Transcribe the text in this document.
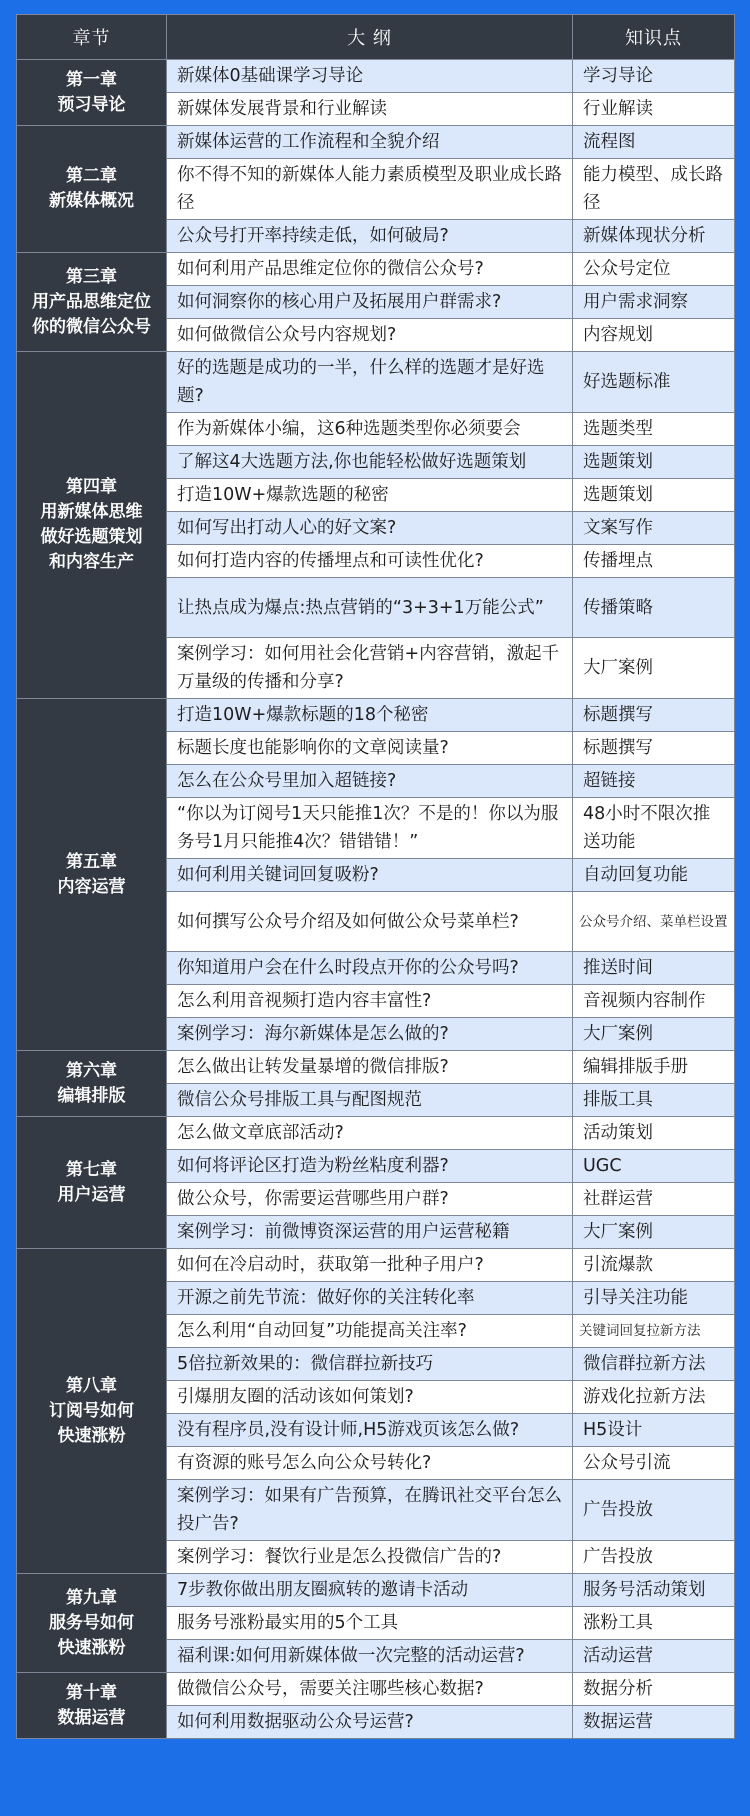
章节	大 纲	知识点

第一章
预习导论	新媒体0基础课学习导论	学习导论
	新媒体发展背景和行业解读	行业解读

第二章
新媒体概况	新媒体运营的工作流程和全貌介绍	流程图
	你不得不知的新媒体人能力素质模型及职业成长路径	能力模型、成长路径
	公众号打开率持续走低，如何破局?	新媒体现状分析

第三章
用产品思维定位
你的微信公众号	如何利用产品思维定位你的微信公众号?	公众号定位
	如何洞察你的核心用户及拓展用户群需求?	用户需求洞察
	如何做微信公众号内容规划?	内容规划

第四章
用新媒体思维
做好选题策划
和内容生产	好的选题是成功的一半，什么样的选题才是好选题?	好选题标准
	作为新媒体小编，这6种选题类型你必须要会	选题类型
	了解这4大选题方法,你也能轻松做好选题策划	选题策划
	打造10W+爆款选题的秘密	选题策划
	如何写出打动人心的好文案?	文案写作
	如何打造内容的传播埋点和可读性优化?	传播埋点
	让热点成为爆点:热点营销的“3+3+1万能公式”	传播策略
	案例学习：如何用社会化营销+内容营销，激起千万量级的传播和分享?	大厂案例

第五章
内容运营	打造10W+爆款标题的18个秘密	标题撰写
	标题长度也能影响你的文章阅读量?	标题撰写
	怎么在公众号里加入超链接?	超链接
	“你以为订阅号1天只能推1次？不是的！你以为服务号1月只能推4次？错错错！”	48小时不限次推送功能
	如何利用关键词回复吸粉?	自动回复功能
	如何撰写公众号介绍及如何做公众号菜单栏?	公众号介绍、菜单栏设置
	你知道用户会在什么时段点开你的公众号吗?	推送时间
	怎么利用音视频打造内容丰富性?	音视频内容制作
	案例学习：海尔新媒体是怎么做的?	大厂案例

第六章
编辑排版	怎么做出让转发量暴增的微信排版?	编辑排版手册
	微信公众号排版工具与配图规范	排版工具

第七章
用户运营	怎么做文章底部活动?	活动策划
	如何将评论区打造为粉丝粘度利器?	UGC
	做公众号，你需要运营哪些用户群?	社群运营
	案例学习：前微博资深运营的用户运营秘籍	大厂案例

第八章
订阅号如何
快速涨粉	如何在冷启动时，获取第一批种子用户?	引流爆款
	开源之前先节流：做好你的关注转化率	引导关注功能
	怎么利用“自动回复”功能提高关注率?	关键词回复拉新方法
	5倍拉新效果的：微信群拉新技巧	微信群拉新方法
	引爆朋友圈的活动该如何策划?	游戏化拉新方法
	没有程序员,没有设计师,H5游戏页该怎么做?	H5设计
	有资源的账号怎么向公众号转化?	公众号引流
	案例学习：如果有广告预算，在腾讯社交平台怎么投广告?	广告投放
	案例学习：餐饮行业是怎么投微信广告的?	广告投放

第九章
服务号如何
快速涨粉	7步教你做出朋友圈疯转的邀请卡活动	服务号活动策划
	服务号涨粉最实用的5个工具	涨粉工具
	福利课:如何用新媒体做一次完整的活动运营?	活动运营

第十章
数据运营	做微信公众号，需要关注哪些核心数据?	数据分析
	如何利用数据驱动公众号运营?	数据运营
